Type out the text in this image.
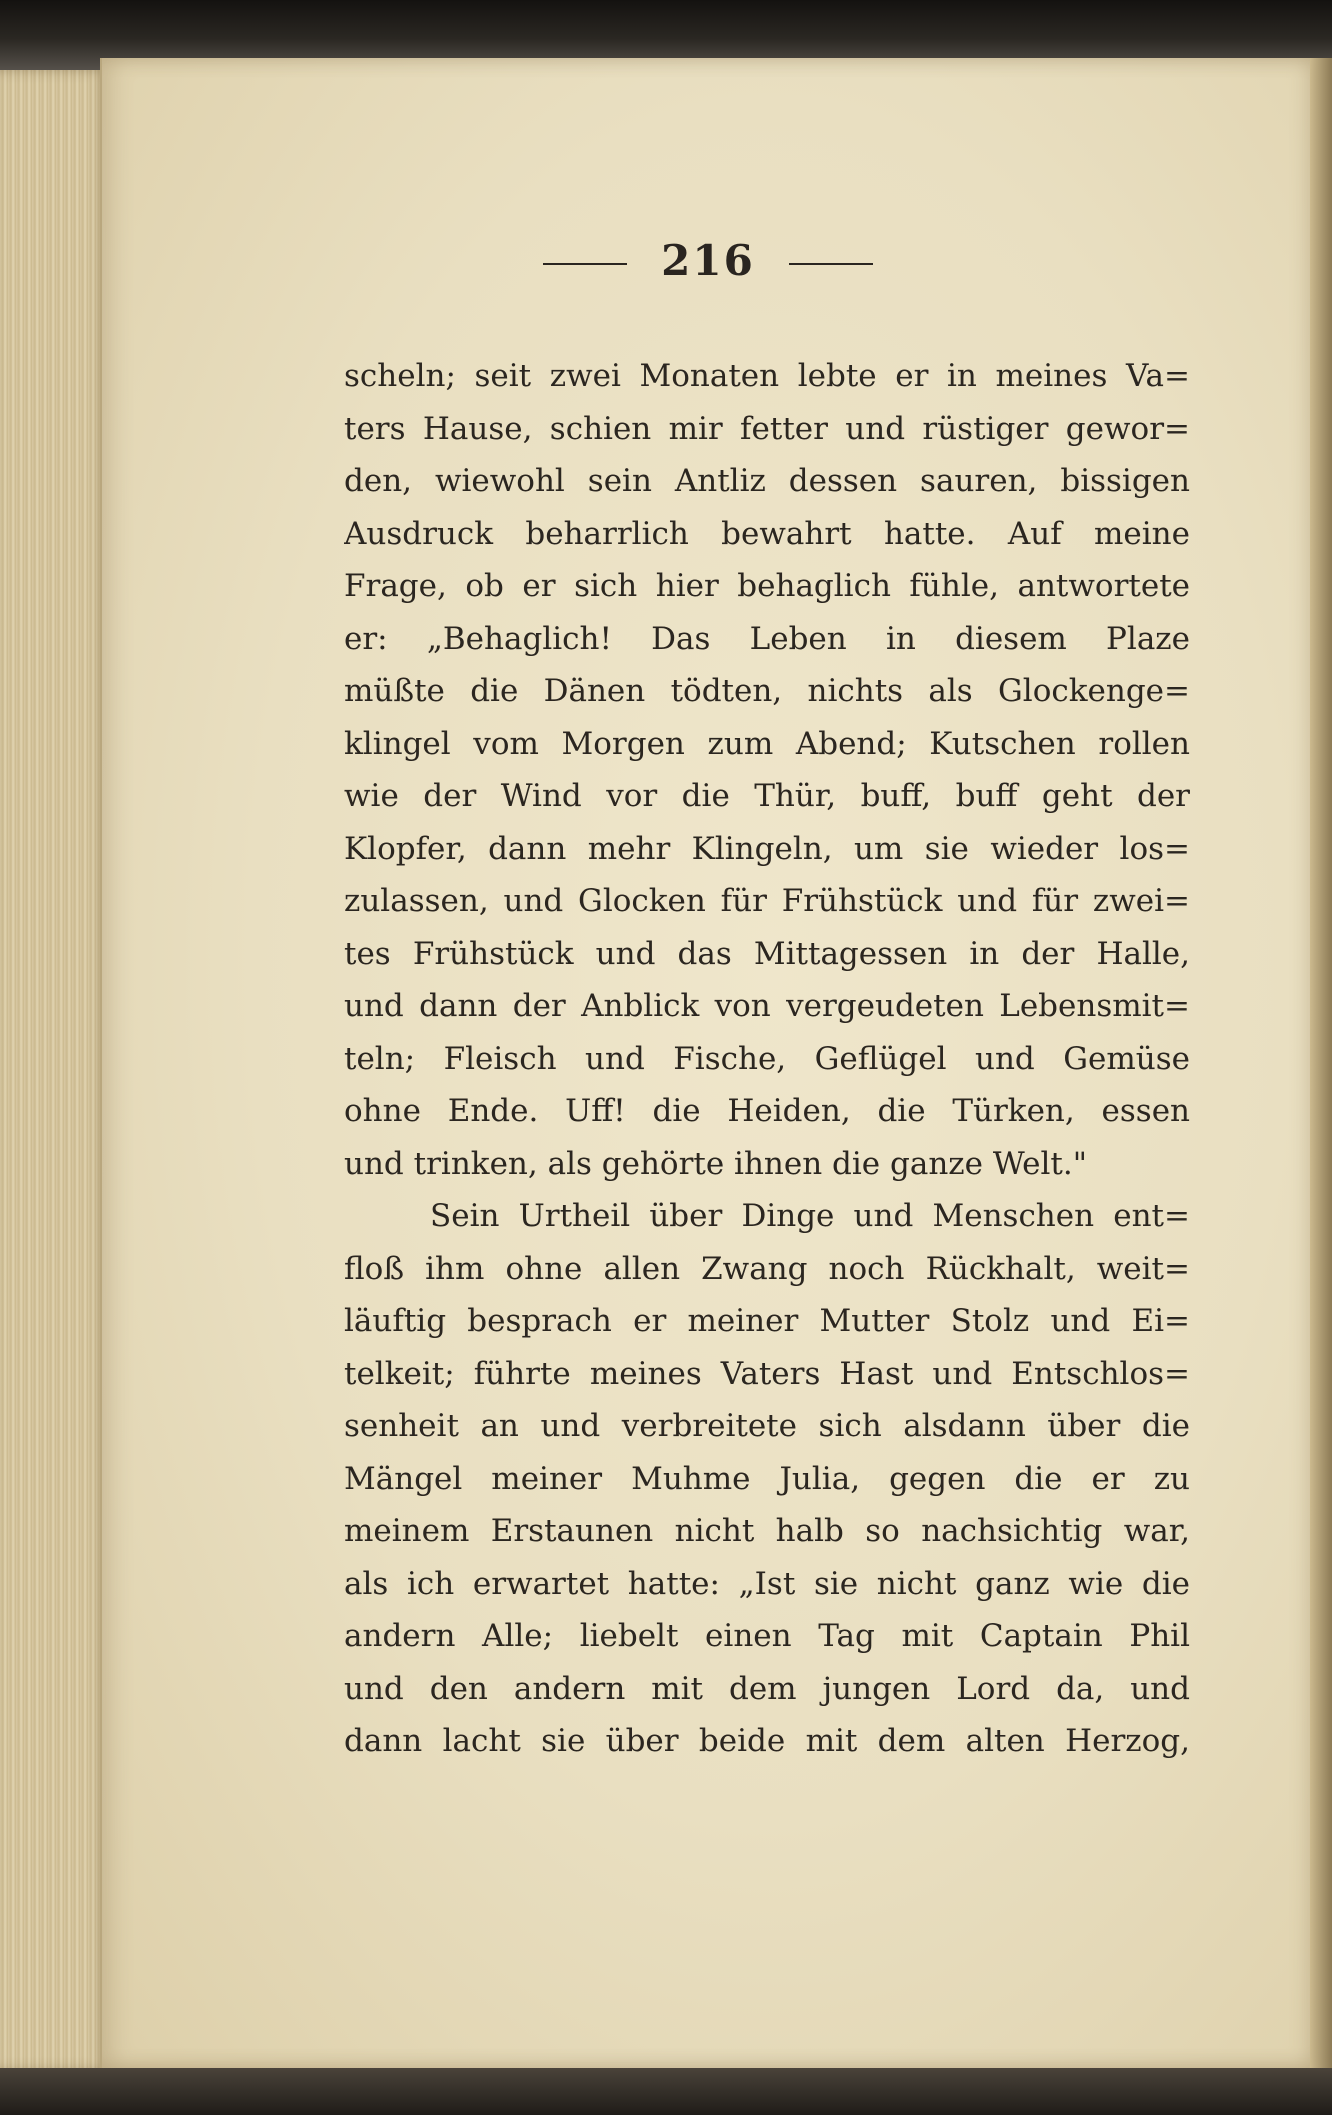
216
scheln; seit zwei Monaten lebte er in meines Va=
ters Hause, schien mir fetter und rüstiger gewor=
den, wiewohl sein Antliz dessen sauren, bissigen
Ausdruck beharrlich bewahrt hatte. Auf meine
Frage, ob er sich hier behaglich fühle, antwortete
er: „Behaglich! Das Leben in diesem Plaze
müßte die Dänen tödten, nichts als Glockenge=
klingel vom Morgen zum Abend; Kutschen rollen
wie der Wind vor die Thür, buff, buff geht der
Klopfer, dann mehr Klingeln, um sie wieder los=
zulassen, und Glocken für Frühstück und für zwei=
tes Frühstück und das Mittagessen in der Halle,
und dann der Anblick von vergeudeten Lebensmit=
teln; Fleisch und Fische, Geflügel und Gemüse
ohne Ende. Uff! die Heiden, die Türken, essen
und trinken, als gehörte ihnen die ganze Welt."
Sein Urtheil über Dinge und Menschen ent=
floß ihm ohne allen Zwang noch Rückhalt, weit=
läuftig besprach er meiner Mutter Stolz und Ei=
telkeit; führte meines Vaters Hast und Entschlos=
senheit an und verbreitete sich alsdann über die
Mängel meiner Muhme Julia, gegen die er zu
meinem Erstaunen nicht halb so nachsichtig war,
als ich erwartet hatte: „Ist sie nicht ganz wie die
andern Alle; liebelt einen Tag mit Captain Phil
und den andern mit dem jungen Lord da, und
dann lacht sie über beide mit dem alten Herzog,
